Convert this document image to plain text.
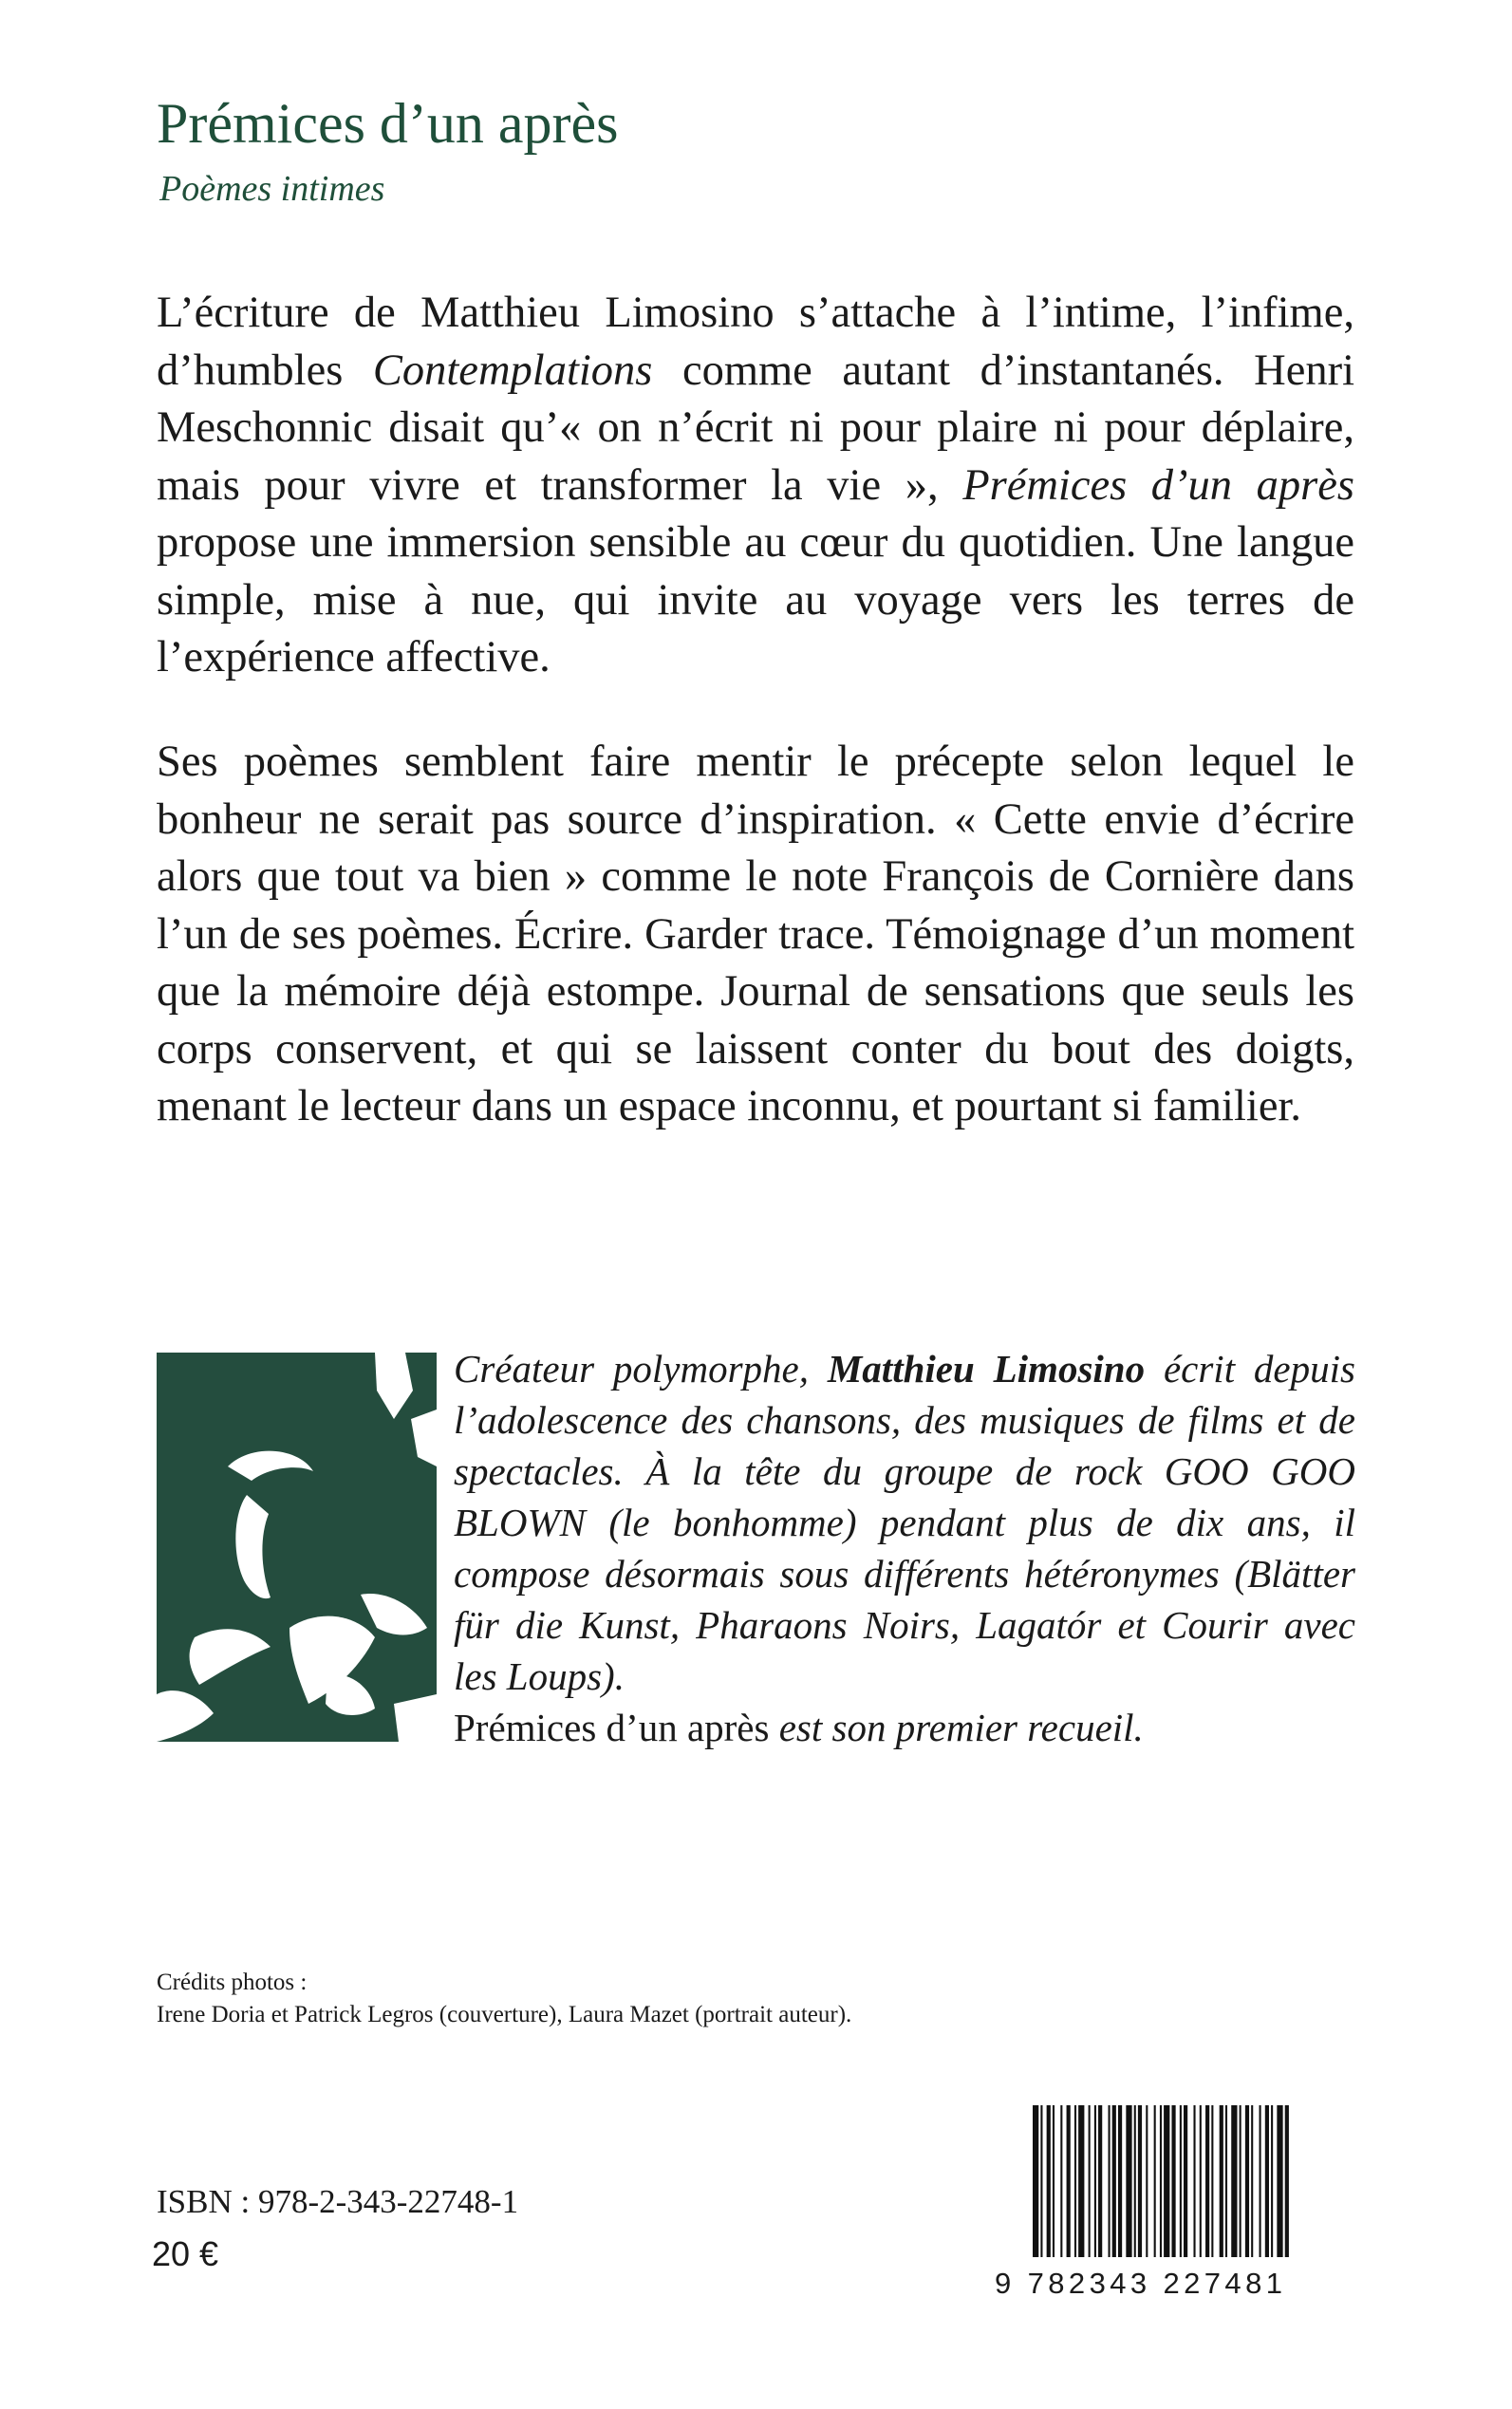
Prémices d’un après
Poèmes intimes

L’écriture de Matthieu Limosino s’attache à l’intime, l’infime, d’humbles Contemplations comme autant d’instantanés. Henri Meschonnic disait qu’« on n’écrit ni pour plaire ni pour déplaire, mais pour vivre et transformer la vie », Prémices d’un après propose une immersion sensible au cœur du quotidien. Une langue simple, mise à nue, qui invite au voyage vers les terres de l’expérience affective.

Ses poèmes semblent faire mentir le précepte selon lequel le bonheur ne serait pas source d’inspiration. « Cette envie d’écrire alors que tout va bien » comme le note François de Cornière dans l’un de ses poèmes. Écrire. Garder trace. Témoignage d’un moment que la mémoire déjà estompe. Journal de sensations que seuls les corps conservent, et qui se laissent conter du bout des doigts, menant le lecteur dans un espace inconnu, et pourtant si familier.

Créateur polymorphe, Matthieu Limosino écrit depuis l’adolescence des chansons, des musiques de films et de spectacles. À la tête du groupe de rock GOO GOO BLOWN (le bonhomme) pendant plus de dix ans, il compose désormais sous différents hétéronymes (Blätter für die Kunst, Pharaons Noirs, Lagatór et Courir avec les Loups).
Prémices d’un après est son premier recueil.
Crédits photos :
Irene Doria et Patrick Legros (couverture), Laura Mazet (portrait auteur).
ISBN : 978-2-343-22748-1
20 €
9 782343 227481
